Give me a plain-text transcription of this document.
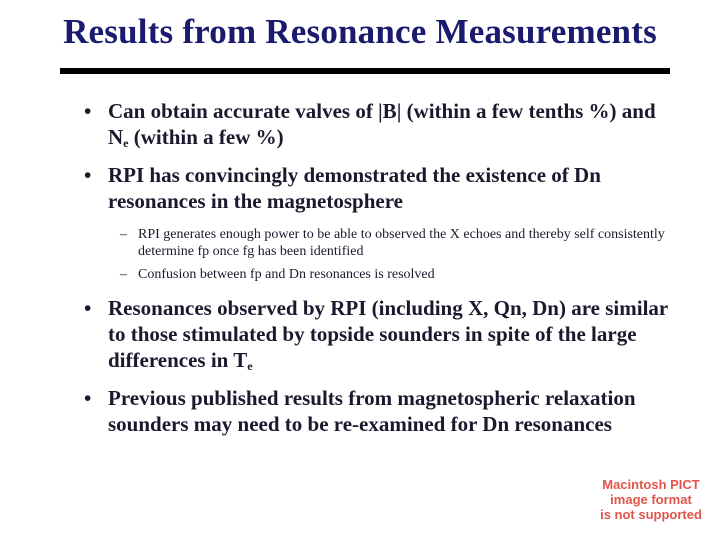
Results from Resonance Measurements
• Can obtain accurate valves of |B| (within a few tenths %) and $N_e$ (within a few %)
• RPI has convincingly demonstrated the existence of Dn resonances in the magnetosphere
– RPI generates enough power to be able to observed the X echoes and thereby self consistently determine fp once fg has been identified
– Confusion between fp and Dn resonances is resolved
• Resonances observed by RPI (including X, Qn, Dn) are similar to those stimulated by topside sounders in spite of the large differences in $T_e$
• Previous published results from magnetospheric relaxation sounders may need to be re-examined for Dn resonances
Macintosh PICT
image format
is not supported
